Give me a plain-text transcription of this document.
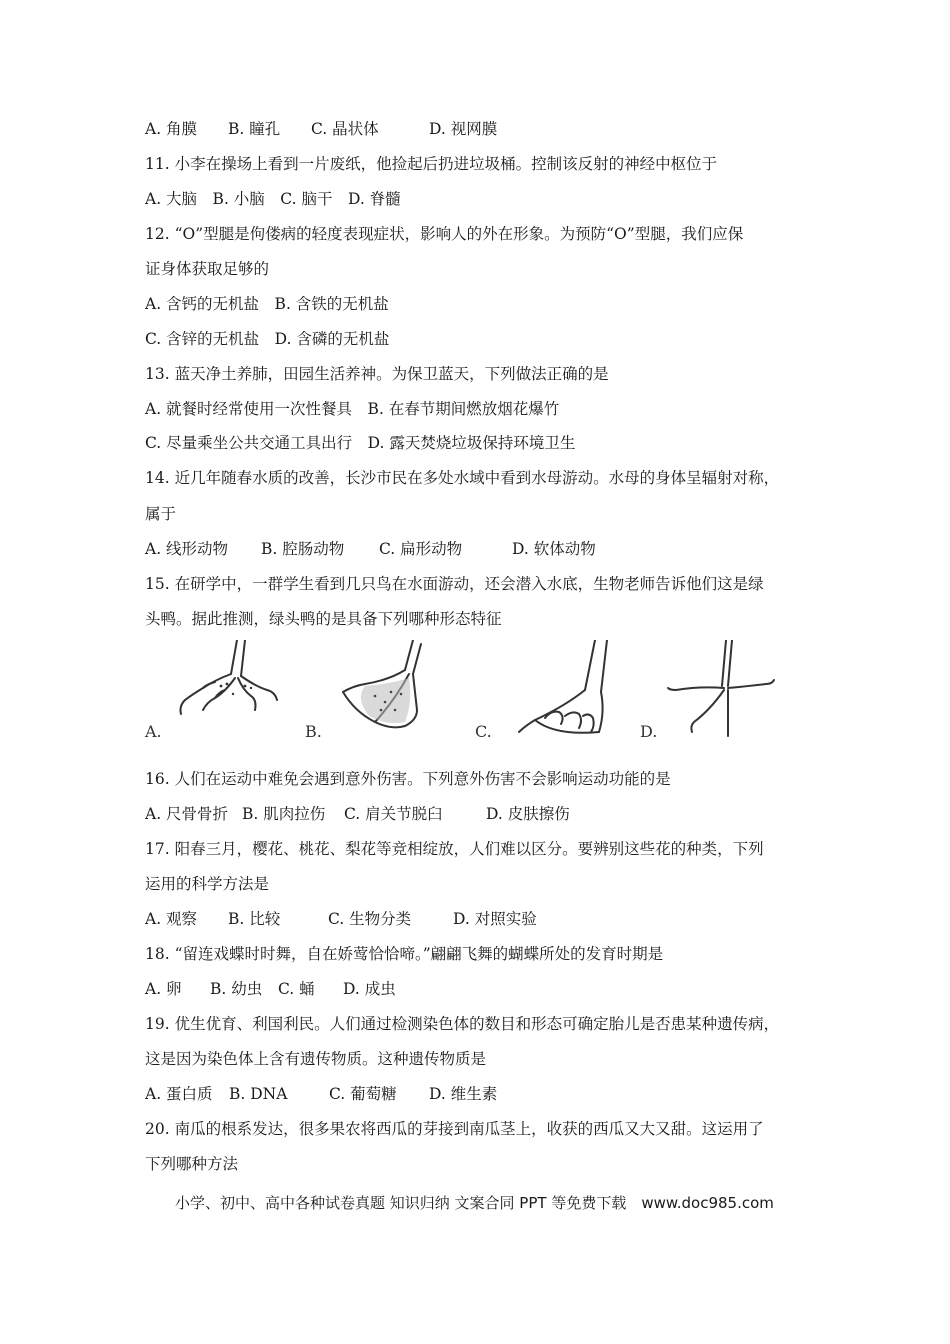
A. 角膜 B. 瞳孔 C. 晶状体	D. 视网膜
11. 小李在操场上看到一片废纸，他捡起后扔进垃圾桶。控制该反射的神经中枢位于
A. 大脑　B. 小脑　C. 脑干　D. 脊髓
12. “O”型腿是佝偻病的轻度表现症状，影响人的外在形象。为预防“O”型腿，我们应保
证身体获取足够的
A. 含钙的无机盐　B. 含铁的无机盐
C. 含锌的无机盐　D. 含磷的无机盐
13. 蓝天净土养肺，田园生活养神。为保卫蓝天，下列做法正确的是
A. 就餐时经常使用一次性餐具　B. 在春节期间燃放烟花爆竹
C. 尽量乘坐公共交通工具出行　D. 露天焚烧垃圾保持环境卫生
14. 近几年随春水质的改善，长沙市民在多处水域中看到水母游动。水母的身体呈辐射对称，
属于
A. 线形动物 B. 腔肠动物 C. 扁形动物	D. 软体动物
15. 在研学中，一群学生看到几只鸟在水面游动，还会潜入水底，生物老师告诉他们这是绿
头鸭。据此推测，绿头鸭的是具备下列哪种形态特征
A.	B.	C.	D.
16. 人们在运动中难免会遇到意外伤害。下列意外伤害不会影响运动功能的是
A. 尺骨骨折 B. 肌肉拉伤 C. 肩关节脱臼	D. 皮肤擦伤
17. 阳春三月，樱花、桃花、梨花等竞相绽放，人们难以区分。要辨别这些花的种类，下列
运用的科学方法是
A. 观察 B. 比较	C. 生物分类	D. 对照实验
18. “留连戏蝶时时舞，自在娇莺恰恰啼。”翩翩飞舞的蝴蝶所处的发育时期是
A. 卵 B. 幼虫 C. 蛹 D. 成虫
19. 优生优育、利国利民。人们通过检测染色体的数目和形态可确定胎儿是否患某种遗传病，
这是因为染色体上含有遗传物质。这种遗传物质是
A. 蛋白质 B. DNA	C. 葡萄糖 D. 维生素
20. 南瓜的根系发达，很多果农将西瓜的芽接到南瓜茎上，收获的西瓜又大又甜。这运用了
下列哪种方法
小学、初中、高中各种试卷真题 知识归纳 文案合同 PPT 等免费下载　www.doc985.com
